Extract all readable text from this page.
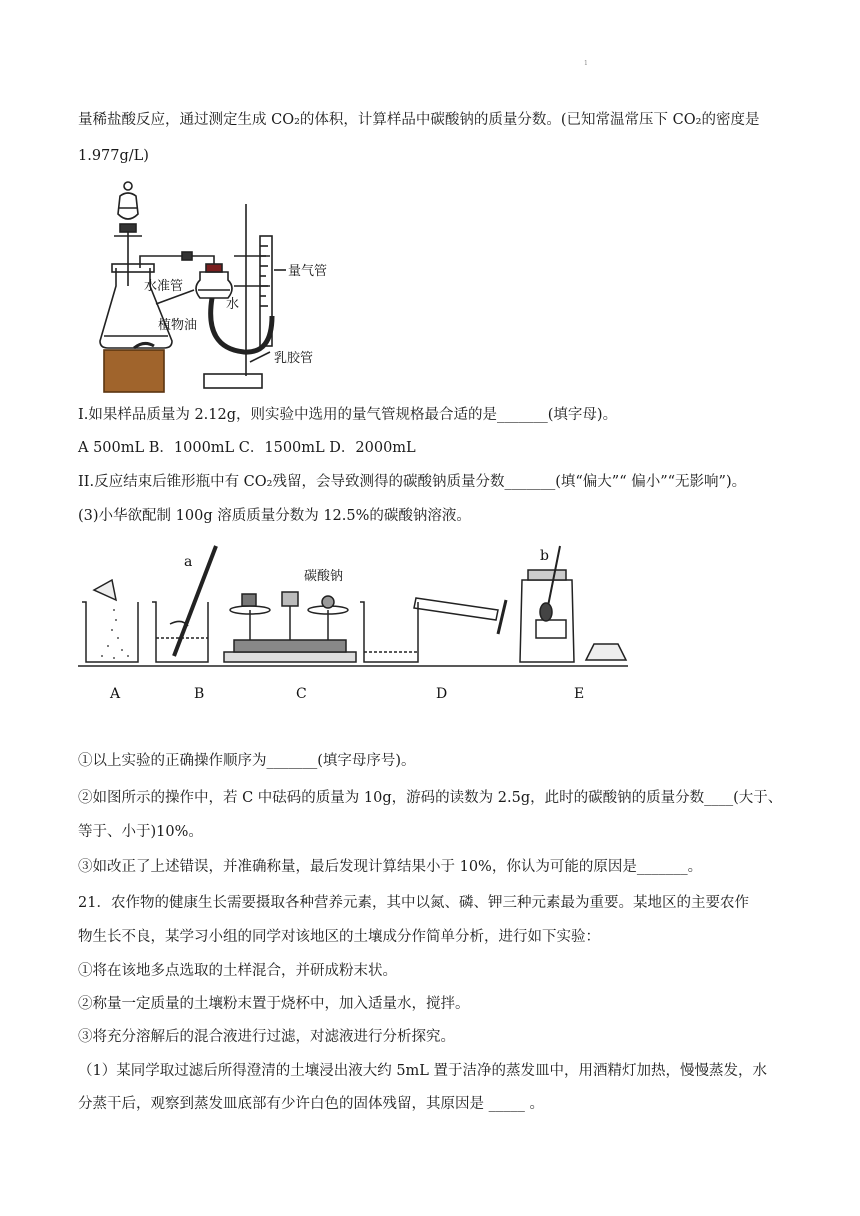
1
量稀盐酸反应，通过测定生成 CO₂的体积，计算样品中碳酸钠的质量分数。(已知常温常压下 CO₂的密度是
1.977g/L)
量气管
水准管
水
植物油
乳胶管
I.如果样品质量为 2.12g，则实验中选用的量气管规格最合适的是_______(填字母)。
A 500mL B．1000mL C．1500mL D．2000mL
II.反应结束后锥形瓶中有 CO₂残留，会导致测得的碳酸钠质量分数_______(填“偏大”“ 偏小”“无影响”)。
(3)小华欲配制 100g 溶质质量分数为 12.5%的碳酸钠溶液。
a	b
碳酸钠
A	B	C	D	E
①以上实验的正确操作顺序为_______(填字母序号)。
②如图所示的操作中，若 C 中砝码的质量为 10g，游码的读数为 2.5g，此时的碳酸钠的质量分数____(大于、
等于、小于)10%。
③如改正了上述错误，并准确称量，最后发现计算结果小于 10%，你认为可能的原因是_______。
21．农作物的健康生长需要摄取各种营养元素，其中以氮、磷、钾三种元素最为重要。某地区的主要农作
物生长不良，某学习小组的同学对该地区的土壤成分作简单分析，进行如下实验：
①将在该地多点选取的土样混合，并研成粉末状。
②称量一定质量的土壤粉末置于烧杯中，加入适量水，搅拌。
③将充分溶解后的混合液进行过滤，对滤液进行分析探究。
（1）某同学取过滤后所得澄清的土壤浸出液大约 5mL 置于洁净的蒸发皿中，用酒精灯加热，慢慢蒸发，水
分蒸干后，观察到蒸发皿底部有少许白色的固体残留，其原因是 _____ 。
